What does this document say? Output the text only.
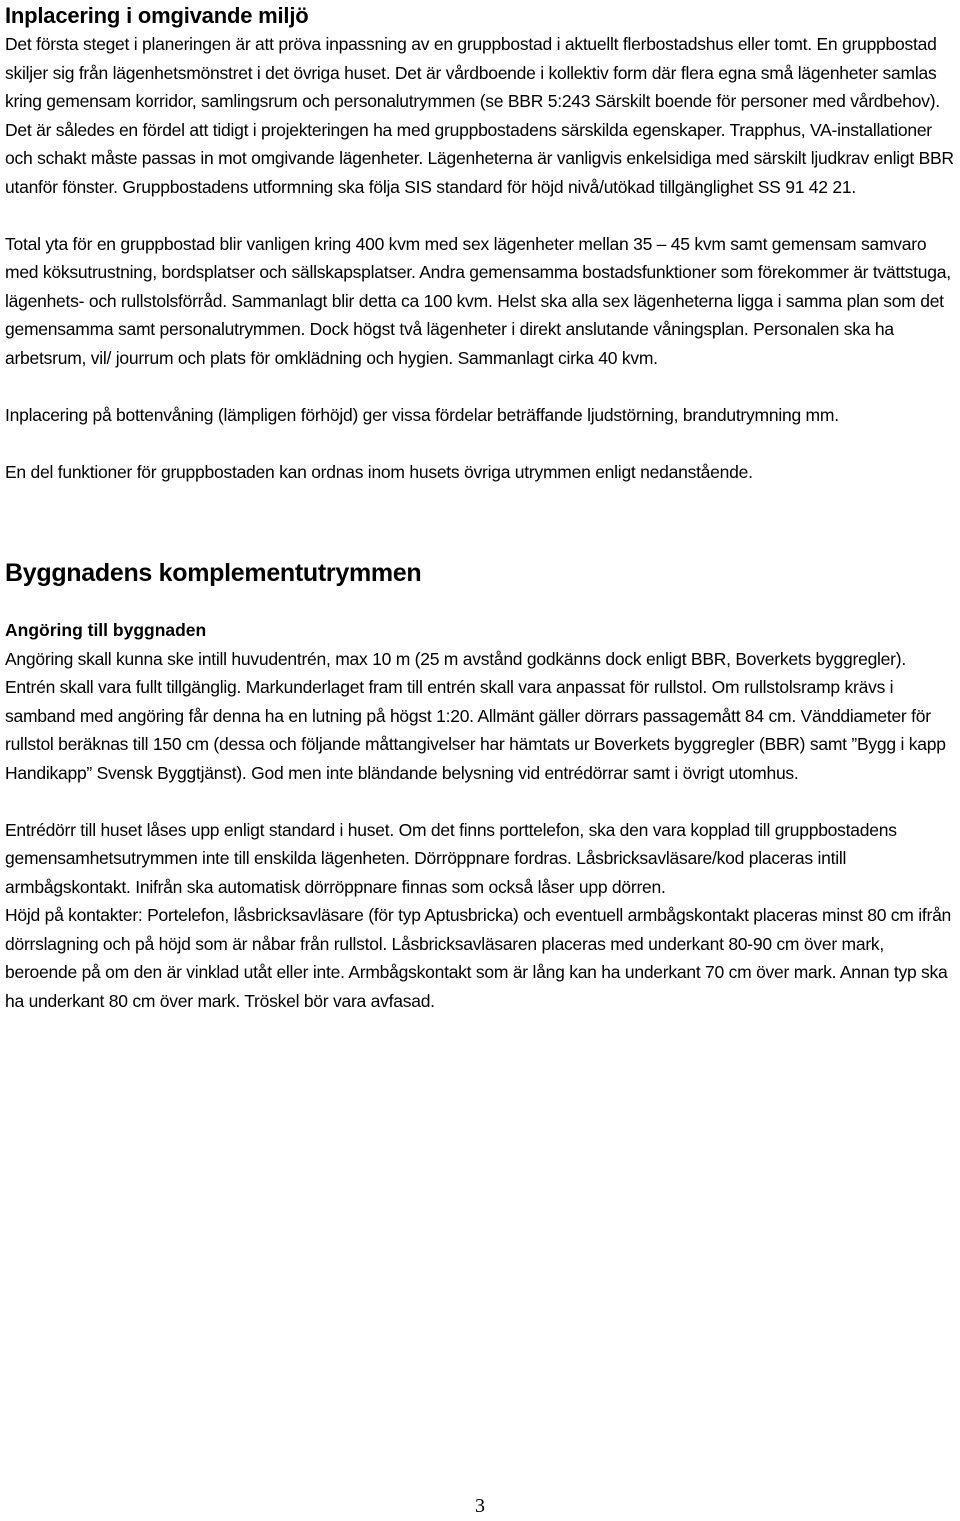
Inplacering i omgivande miljö

Det första steget i planeringen är att pröva inpassning av en gruppbostad i aktuellt flerbostadshus eller tomt. En gruppbostad skiljer sig från lägenhetsmönstret i det övriga huset. Det är vårdboende i kollektiv form där flera egna små lägenheter samlas kring gemensam korridor, samlingsrum och personalutrymmen (se BBR 5:243 Särskilt boende för personer med vårdbehov). Det är således en fördel att tidigt i projekteringen ha med gruppbostadens särskilda egenskaper. Trapphus, VA-installationer och schakt måste passas in mot omgivande lägenheter. Lägenheterna är vanligvis enkelsidiga med särskilt ljudkrav enligt BBR utanför fönster. Gruppbostadens utformning ska följa SIS standard för höjd nivå/utökad tillgänglighet SS 91 42 21.

Total yta för en gruppbostad blir vanligen kring 400 kvm med sex lägenheter mellan 35 – 45 kvm samt gemensam samvaro med köksutrustning, bordsplatser och sällskapsplatser. Andra gemensamma bostadsfunktioner som förekommer är tvättstuga, lägenhets- och rullstolsförråd. Sammanlagt blir detta ca 100 kvm. Helst ska alla sex lägenheterna ligga i samma plan som det gemensamma samt personalutrymmen. Dock högst två lägenheter i direkt anslutande våningsplan. Personalen ska ha arbetsrum, vil/ jourrum och plats för omklädning och hygien. Sammanlagt cirka 40 kvm.

Inplacering på bottenvåning (lämpligen förhöjd) ger vissa fördelar beträffande ljudstörning, brandutrymning mm.

En del funktioner för gruppbostaden kan ordnas inom husets övriga utrymmen enligt nedanstående.

Byggnadens komplementutrymmen
Angöring till byggnaden

Angöring skall kunna ske intill huvudentrén, max 10 m (25 m avstånd godkänns dock enligt BBR, Boverkets byggregler). Entrén skall vara fullt tillgänglig. Markunderlaget fram till entrén skall vara anpassat för rullstol. Om rullstolsramp krävs i samband med angöring får denna ha en lutning på högst 1:20. Allmänt gäller dörrars passagemått 84 cm. Vänddiameter för rullstol beräknas till 150 cm (dessa och följande måttangivelser har hämtats ur Boverkets byggregler (BBR) samt ”Bygg i kapp Handikapp” Svensk Byggtjänst). God men inte bländande belysning vid entrédörrar samt i övrigt utomhus.

Entrédörr till huset låses upp enligt standard i huset. Om det finns porttelefon, ska den vara kopplad till gruppbostadens gemensamhetsutrymmen inte till enskilda lägenheten. Dörröppnare fordras. Låsbricksavläsare/kod placeras intill armbågskontakt. Inifrån ska automatisk dörröppnare finnas som också låser upp dörren.

Höjd på kontakter: Portelefon, låsbricksavläsare (för typ Aptusbricka) och eventuell armbågskontakt placeras minst 80 cm ifrån dörrslagning och på höjd som är nåbar från rullstol. Låsbricksavläsaren placeras med underkant 80-90 cm över mark, beroende på om den är vinklad utåt eller inte. Armbågskontakt som är lång kan ha underkant 70 cm över mark. Annan typ ska ha underkant 80 cm över mark. Tröskel bör vara avfasad.

3
